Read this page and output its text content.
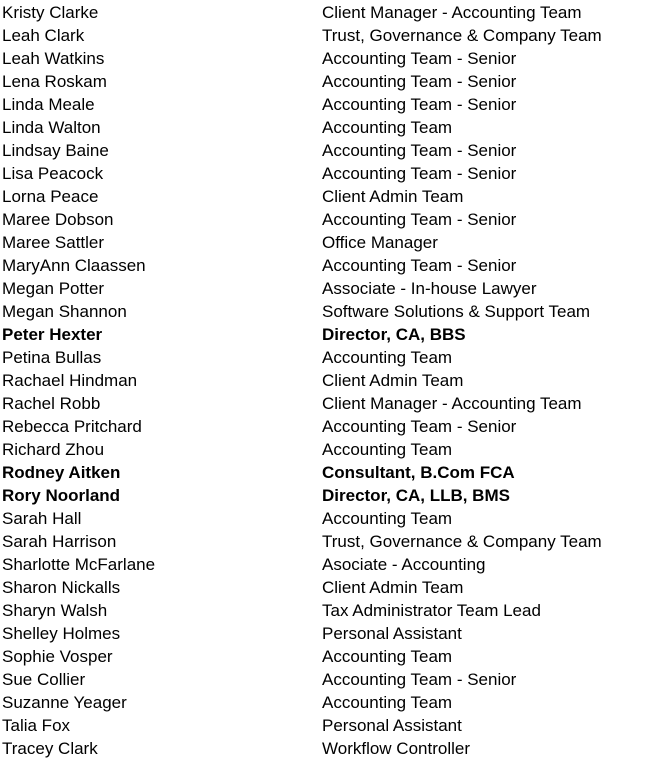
Kristy Clarke	Client Manager - Accounting Team
Leah Clark	Trust, Governance & Company Team
Leah Watkins	Accounting Team - Senior
Lena Roskam	Accounting Team - Senior
Linda Meale	Accounting Team - Senior
Linda Walton	Accounting Team
Lindsay Baine	Accounting Team - Senior
Lisa Peacock	Accounting Team - Senior
Lorna Peace	Client Admin Team
Maree Dobson	Accounting Team - Senior
Maree Sattler	Office Manager
MaryAnn Claassen	Accounting Team - Senior
Megan Potter	Associate - In-house Lawyer
Megan Shannon	Software Solutions & Support Team
Peter Hexter	Director, CA, BBS
Petina Bullas	Accounting Team
Rachael Hindman	Client Admin Team
Rachel Robb	Client Manager - Accounting Team
Rebecca Pritchard	Accounting Team - Senior
Richard Zhou	Accounting Team
Rodney Aitken	Consultant, B.Com FCA
Rory Noorland	Director, CA, LLB, BMS
Sarah Hall	Accounting Team
Sarah Harrison	Trust, Governance & Company Team
Sharlotte McFarlane	Asociate - Accounting
Sharon Nickalls	Client Admin Team
Sharyn Walsh	Tax Administrator Team Lead
Shelley Holmes	Personal Assistant
Sophie Vosper	Accounting Team
Sue Collier	Accounting Team - Senior
Suzanne Yeager	Accounting Team
Talia Fox	Personal Assistant
Tracey Clark	Workflow Controller
